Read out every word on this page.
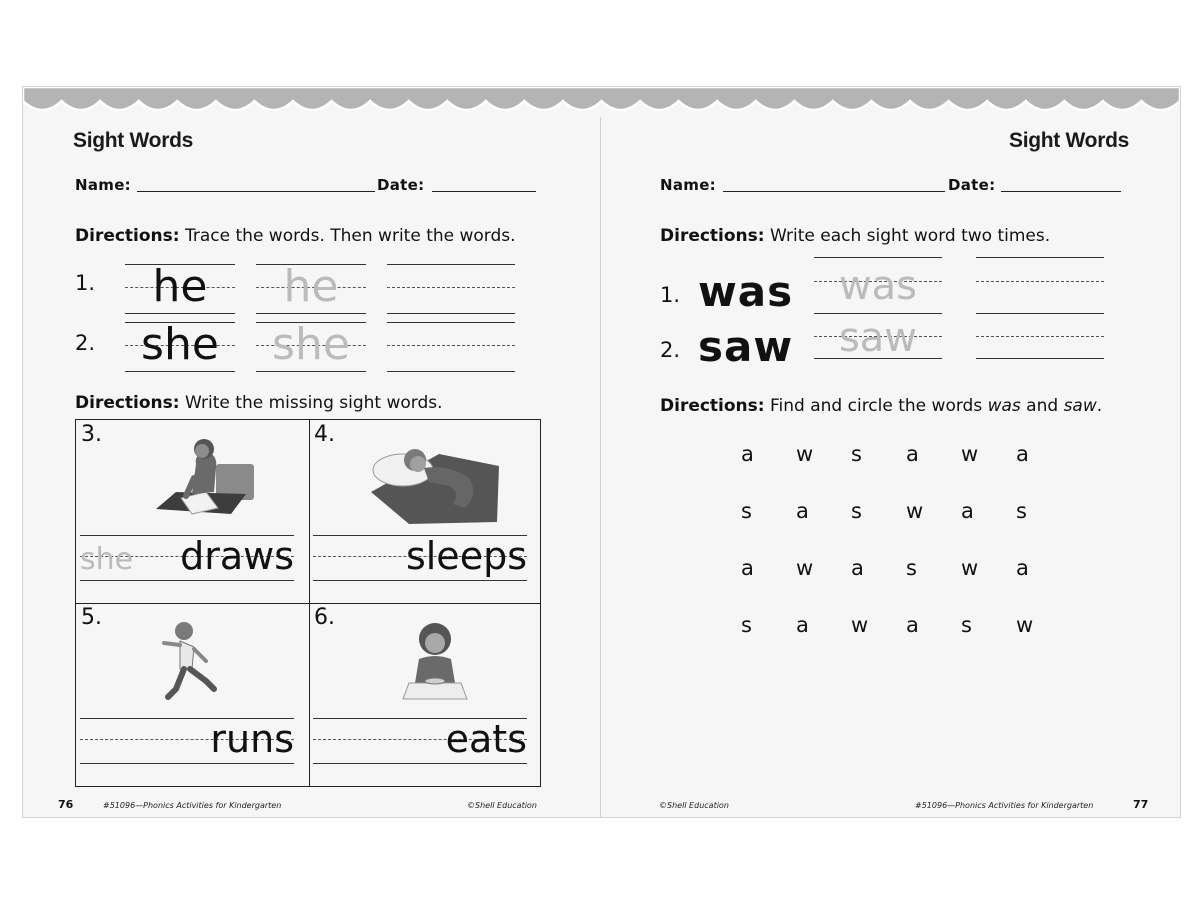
Sight Words
Name:	Date:
Directions: Trace the words. Then write the words.
1.	he	he
2.	she	she
Directions: Write the missing sight words.
3.
she draws
4.
sleeps
5.
runs
6.
eats
76	#51096—Phonics Activities for Kindergarten	©Shell Education
Sight Words
Name:	Date:
Directions: Write each sight word two times.
1. was	was
2. saw	saw
Directions: Find and circle the words was and saw.
a	w	s	a	w	a
s	a	s	w	a	s
a	w	a	s	w	a
s	a	w	a	s	w
©Shell Education	#51096—Phonics Activities for Kindergarten	77
